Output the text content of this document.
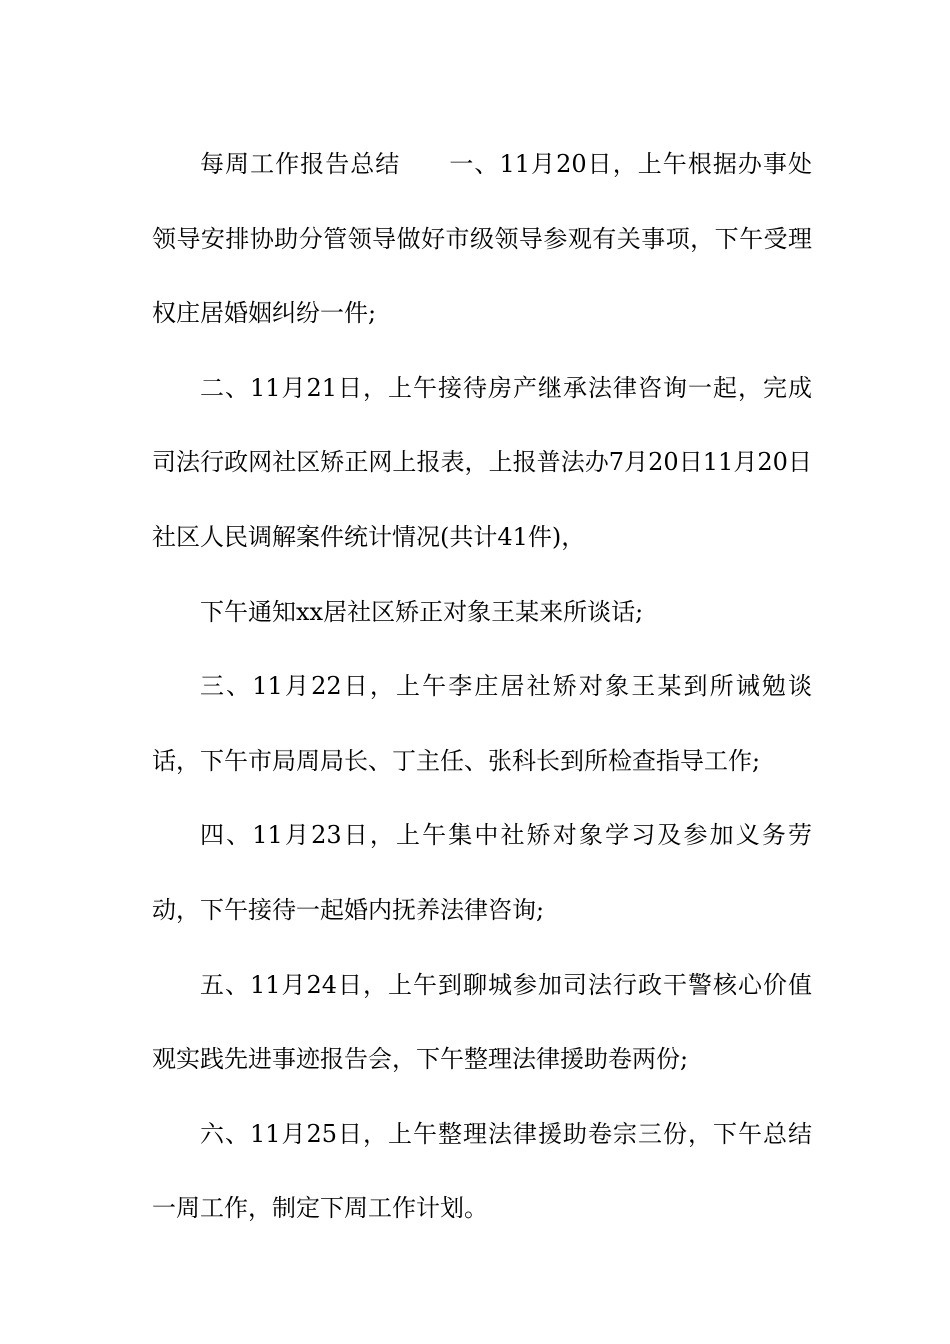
每周工作报告总结 一、11月20日，上午根据办事处领导安排协助分管领导做好市级领导参观有关事项，下午受理权庄居婚姻纠纷一件;

二、11月21日，上午接待房产继承法律咨询一起，完成司法行政网社区矫正网上报表，上报普法办7月20日11月20日社区人民调解案件统计情况(共计41件)，

下午通知xx居社区矫正对象王某来所谈话;

三、11月22日，上午李庄居社矫对象王某到所诫勉谈话，下午市局周局长、丁主任、张科长到所检查指导工作;

四、11月23日，上午集中社矫对象学习及参加义务劳动，下午接待一起婚内抚养法律咨询;

五、11月24日，上午到聊城参加司法行政干警核心价值观实践先进事迹报告会，下午整理法律援助卷两份;

六、11月25日，上午整理法律援助卷宗三份，下午总结一周工作，制定下周工作计划。
